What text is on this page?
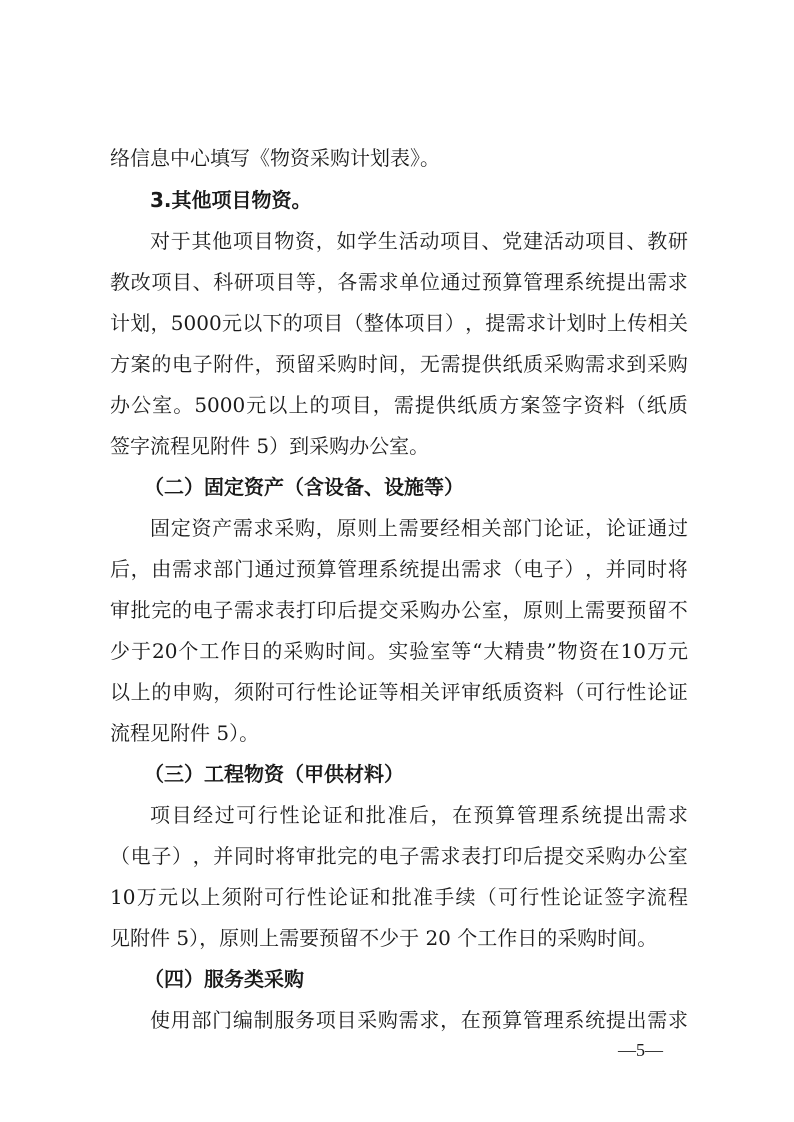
络信息中心填写《物资采购计划表》。
3.其他项目物资。
对 于 其 他 项 目 物 资 ， 如 学 生 活 动 项 目 、 党 建 活 动 项 目 、 教 研
教 改 项 目 、 科 研 项 目 等 ， 各 需 求 单 位 通 过 预 算 管 理 系 统 提 出 需 求
计 划 ， 5000 元 以 下 的 项 目 （ 整 体 项 目 ） ， 提 需 求 计 划 时 上 传 相 关
方 案 的 电 子 附 件 ， 预 留 采 购 时 间 ， 无 需 提 供 纸 质 采 购 需 求 到 采 购
办 公 室 。 5000 元 以 上 的 项 目 ， 需 提 供 纸 质 方 案 签 字 资 料 （ 纸 质
签字流程见附件 5）到采购办公室。
（二）固定资产（含设备、设施等）
固 定 资 产 需 求 采 购 ， 原 则 上 需 要 经 相 关 部 门 论 证 ， 论 证 通 过
后 ， 由 需 求 部 门 通 过 预 算 管 理 系 统 提 出 需 求 （ 电 子 ） ， 并 同 时 将
审 批 完 的 电 子 需 求 表 打 印 后 提 交 采 购 办 公 室 ， 原 则 上 需 要 预 留 不
少 于 20 个 工 作 日 的 采 购 时 间 。 实 验 室 等 “ 大 精 贵 ” 物 资 在 10 万 元
以 上 的 申 购 ， 须 附 可 行 性 论 证 等 相 关 评 审 纸 质 资 料 （ 可 行 性 论 证
流程见附件 5）。
（三）工程物资（甲供材料）
项 目 经 过 可 行 性 论 证 和 批 准 后 ， 在 预 算 管 理 系 统 提 出 需 求
（ 电 子 ） ， 并 同 时 将 审 批 完 的 电 子 需 求 表 打 印 后 提 交 采 购 办 公 室
10 万 元 以 上 须 附 可 行 性 论 证 和 批 准 手 续 （ 可 行 性 论 证 签 字 流 程
见附件 5），原则上需要预留不少于 20 个工作日的采购时间。
（四）服务类采购
使 用 部 门 编 制 服 务 项 目 采 购 需 求 ， 在 预 算 管 理 系 统 提 出 需 求
—5—
